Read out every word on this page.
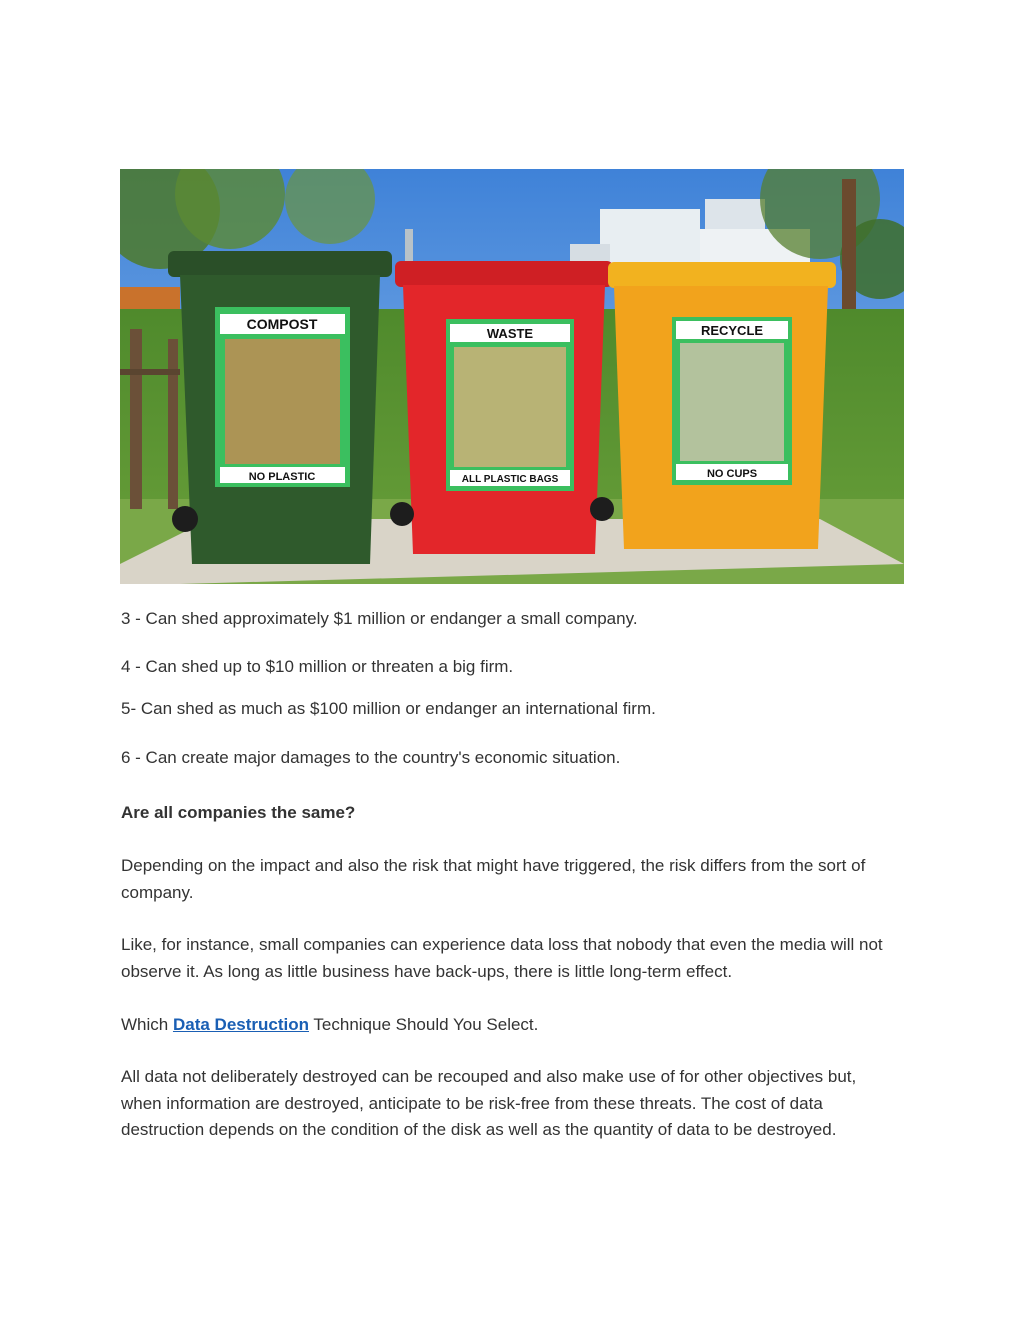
COMPOST
NO PLASTIC
WASTE
ALL PLASTIC BAGS
RECYCLE
NO CUPS

3 - Can shed approximately $1 million or endanger a small company.

4 - Can shed up to $10 million or threaten a big firm.

5- Can shed as much as $100 million or endanger an international firm.

6 - Can create major damages to the country's economic situation.

Are all companies the same?

Depending on the impact and also the risk that might have triggered, the risk differs from the sort of company.

Like, for instance, small companies can experience data loss that nobody that even the media will not observe it. As long as little business have back-ups, there is little long-term effect.

Which Data Destruction Technique Should You Select.

All data not deliberately destroyed can be recouped and also make use of for other objectives but, when information are destroyed, anticipate to be risk-free from these threats. The cost of data destruction depends on the condition of the disk as well as the quantity of data to be destroyed.
